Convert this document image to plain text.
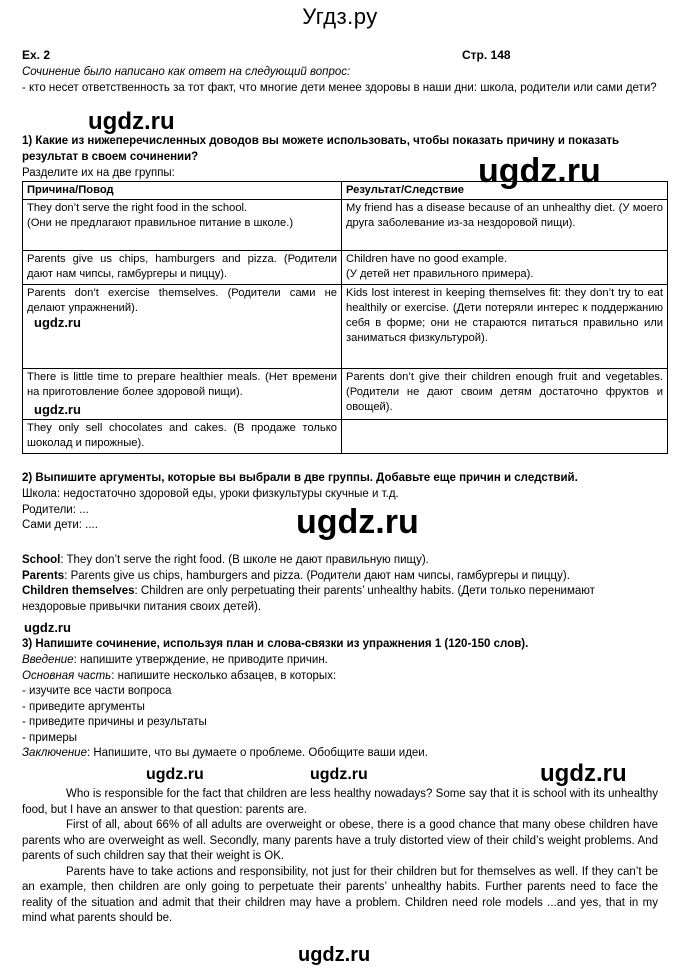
Угдз.ру
Ex. 2	Стр. 148
Сочинение было написано как ответ на следующий вопрос:
- кто несет ответственность за тот факт, что многие дети менее здоровы в наши дни: школа, родители или сами дети?
1) Какие из нижеперечисленных доводов вы можете использовать, чтобы показать причину и показать результат в своем сочинении?
Разделите их на две группы:
Причина/Повод	Результат/Следствие
They don’t serve the right food in the school.
(Они не предлагают правильное питание в школе.)	My friend has a disease because of an unhealthy diet. (У моего друга заболевание из-за нездоровой пищи).
Parents give us chips, hamburgers and pizza. (Родители дают нам чипсы, гамбургеры и пиццу).	Children have no good example.
(У детей нет правильного примера).
Parents don’t exercise themselves. (Родители сами не делают упражнений).	Kids lost interest in keeping themselves fit: they don’t try to eat healthily or exercise. (Дети потеряли интерес к поддержанию себя в форме; они не стараются питаться правильно или заниматься физкультурой).
There is little time to prepare healthier meals. (Нет времени на приготовление более здоровой пищи).	Parents don’t give their children enough fruit and vegetables. (Родители не дают своим детям достаточно фруктов и овощей).
They only sell chocolates and cakes. (В продаже только шоколад и пирожные).	
2) Выпишите аргументы, которые вы выбрали в две группы. Добавьте еще причин и следствий.
Школа: недостаточно здоровой еды, уроки физкультуры скучные и т.д.
Родители: ...
Сами дети: ....
School: They don’t serve the right food. (В школе не дают правильную пищу).
Parents: Parents give us chips, hamburgers and pizza. (Родители дают нам чипсы, гамбургеры и пиццу).
Children themselves: Children are only perpetuating their parents’ unhealthy habits. (Дети только перенимают нездоровые привычки питания своих детей).
3) Напишите сочинение, используя план и слова-связки из упражнения 1 (120-150 слов).
Введение: напишите утверждение, не приводите причин.
Основная часть: напишите несколько абзацев, в которых:
- изучите все части вопроса
- приведите аргументы
- приведите причины и результаты
- примеры
Заключение: Напишите, что вы думаете о проблеме. Обобщите ваши идеи.

Who is responsible for the fact that children are less healthy nowadays? Some say that it is school with its unhealthy food, but I have an answer to that question: parents are.

First of all, about 66% of all adults are overweight or obese, there is a good chance that many obese children have parents who are overweight as well. Secondly, many parents have a truly distorted view of their child’s weight problems. And parents of such children say that their weight is OK.

Parents have to take actions and responsibility, not just for their children but for themselves as well. If they can’t be an example, then children are only going to perpetuate their parents’ unhealthy habits. Further parents need to face the reality of the situation and admit that their children may have a problem. Children need role models ...and yes, that in my mind what parents should be.

ugdz.ru
ugdz.ru
ugdz.ru
ugdz.ru
ugdz.ru
ugdz.ru
ugdz.ru
ugdz.ru	ugdz.ru
ugdz.ru
